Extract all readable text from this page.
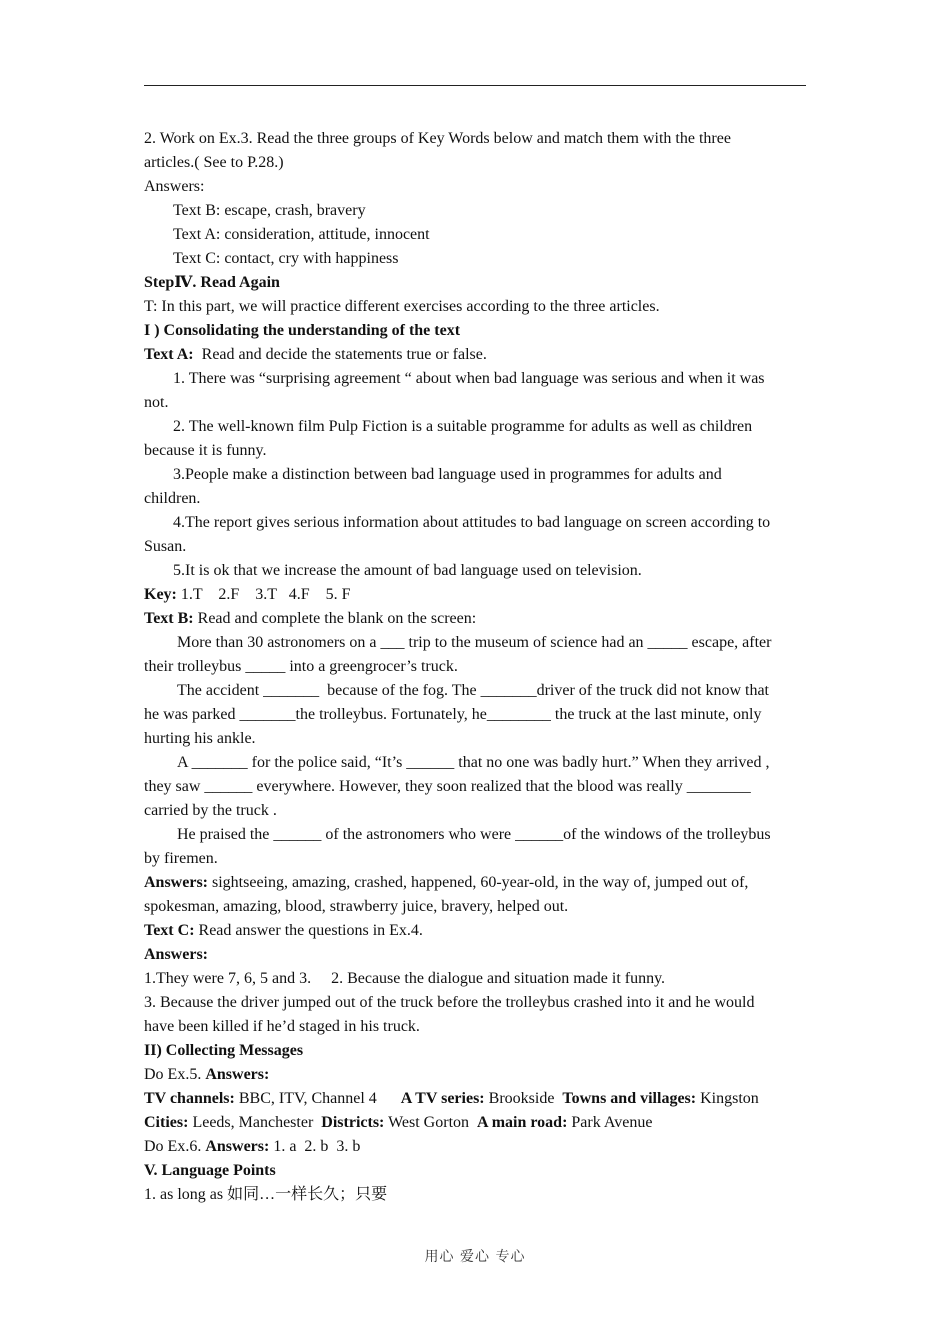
2. Work on Ex.3. Read the three groups of Key Words below and match them with the three
articles.( See to P.28.)
Answers:
Text B: escape, crash, bravery
Text A: consideration, attitude, innocent
Text C: contact, cry with happiness
StepⅣ. Read Again
T: In this part, we will practice different exercises according to the three articles.
I ) Consolidating the understanding of the text
Text A:  Read and decide the statements true or false.
1. There was “surprising agreement “ about when bad language was serious and when it was
not.
2. The well-known film Pulp Fiction is a suitable programme for adults as well as children
because it is funny.
3.People make a distinction between bad language used in programmes for adults and
children.
4.The report gives serious information about attitudes to bad language on screen according to
Susan.
5.It is ok that we increase the amount of bad language used on television.
Key: 1.T    2.F    3.T   4.F    5. F
Text B: Read and complete the blank on the screen:
More than 30 astronomers on a ___ trip to the museum of science had an _____ escape, after
their trolleybus _____ into a greengrocer’s truck.
The accident _______  because of the fog. The _______driver of the truck did not know that
he was parked _______the trolleybus. Fortunately, he________ the truck at the last minute, only
hurting his ankle.
A _______ for the police said, “It’s ______ that no one was badly hurt.” When they arrived ,
they saw ______ everywhere. However, they soon realized that the blood was really ________
carried by the truck .
He praised the ______ of the astronomers who were ______of the windows of the trolleybus
by firemen.
Answers: sightseeing, amazing, crashed, happened, 60-year-old, in the way of, jumped out of,
spokesman, amazing, blood, strawberry juice, bravery, helped out.
Text C: Read answer the questions in Ex.4.
Answers:
1.They were 7, 6, 5 and 3.     2. Because the dialogue and situation made it funny.
3. Because the driver jumped out of the truck before the trolleybus crashed into it and he would
have been killed if he’d staged in his truck.
II) Collecting Messages
Do Ex.5. Answers:
TV channels: BBC, ITV, Channel 4      A TV series: Brookside  Towns and villages: Kingston
Cities: Leeds, Manchester  Districts: West Gorton  A main road: Park Avenue
Do Ex.6. Answers: 1. a  2. b  3. b
V. Language Points
1. as long as 如同…一样长久；只要
用心 爱心 专心
